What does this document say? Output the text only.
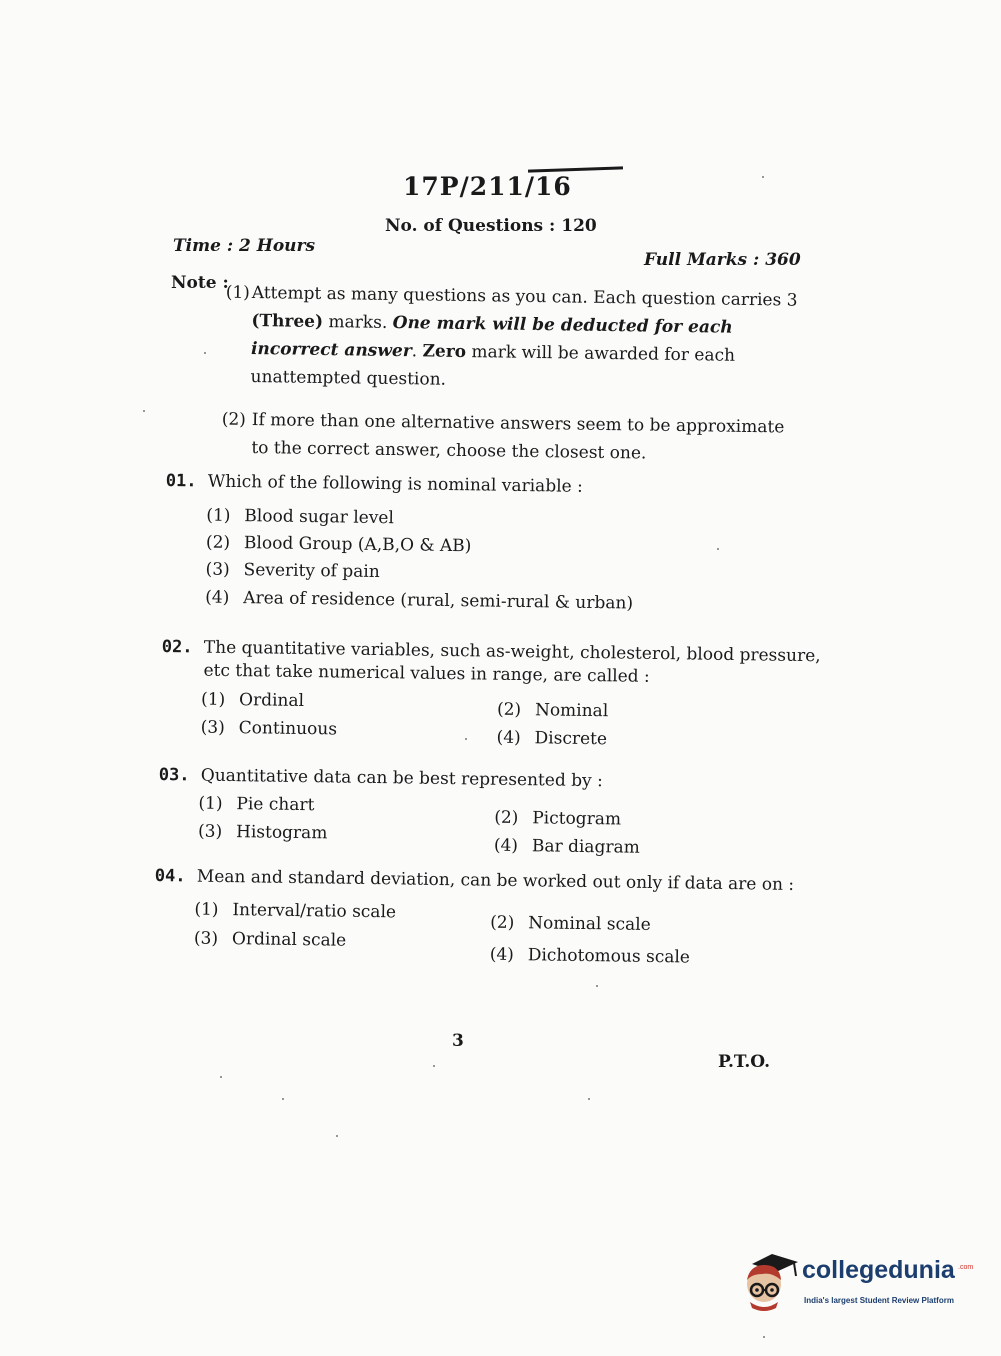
17P/211/16
No. of Questions : 120
Time : 2 Hours
Full Marks : 360
Note :
(1) Attempt as many questions as you can. Each question carries 3 (Three) marks. One mark will be deducted for each incorrect answer. Zero mark will be awarded for each unattempted question.
(2) If more than one alternative answers seem to be approximate to the correct answer, choose the closest one.
01. Which of the following is nominal variable :
(1) Blood sugar level
(2) Blood Group (A,B,O & AB)
(3) Severity of pain
(4) Area of residence (rural, semi-rural & urban)
02. The quantitative variables, such as-weight, cholesterol, blood pressure,
etc that take numerical values in range, are called :
(1) Ordinal	(2) Nominal
(3) Continuous	(4) Discrete
03. Quantitative data can be best represented by :
(1) Pie chart
(2) Pictogram
(3) Histogram
(4) Bar diagram
04. Mean and standard deviation, can be worked out only if data are on :
(1) Interval/ratio scale
(2) Nominal scale
(3) Ordinal scale
(4) Dichotomous scale
3
P.T.O.
collegedunia .com
India's largest Student Review Platform
